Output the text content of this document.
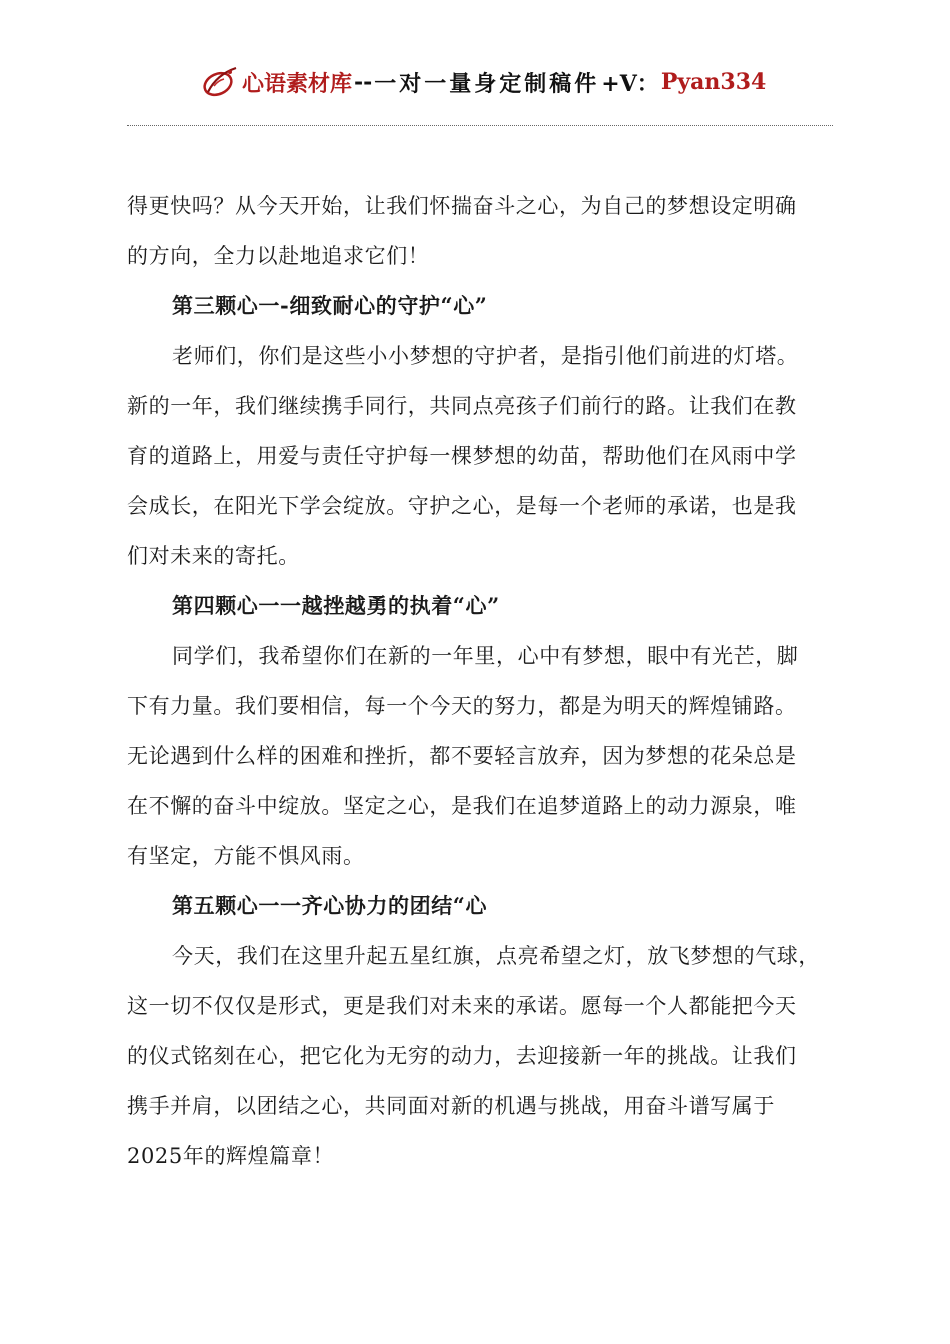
心语素材库 -- 一对一量身定制稿件 +V： Pyan334
得更快吗？从今天开始，让我们怀揣奋斗之心，为自己的梦想设定明确
的方向，全力以赴地追求它们！
第三颗心一-细致耐心的守护“心”
老师们，你们是这些小小梦想的守护者，是指引他们前进的灯塔。
新的一年，我们继续携手同行，共同点亮孩子们前行的路。让我们在教
育的道路上，用爱与责任守护每一棵梦想的幼苗，帮助他们在风雨中学
会成长，在阳光下学会绽放。守护之心，是每一个老师的承诺，也是我
们对未来的寄托。
第四颗心一一越挫越勇的执着“心”
同学们，我希望你们在新的一年里，心中有梦想，眼中有光芒，脚
下有力量。我们要相信，每一个今天的努力，都是为明天的辉煌铺路。
无论遇到什么样的困难和挫折，都不要轻言放弃，因为梦想的花朵总是
在不懈的奋斗中绽放。坚定之心，是我们在追梦道路上的动力源泉，唯
有坚定，方能不惧风雨。
第五颗心一一齐心协力的团结“心
今天，我们在这里升起五星红旗，点亮希望之灯，放飞梦想的气球，
这一切不仅仅是形式，更是我们对未来的承诺。愿每一个人都能把今天
的仪式铭刻在心，把它化为无穷的动力，去迎接新一年的挑战。让我们
携手并肩，以团结之心，共同面对新的机遇与挑战，用奋斗谱写属于
2025年的辉煌篇章！
